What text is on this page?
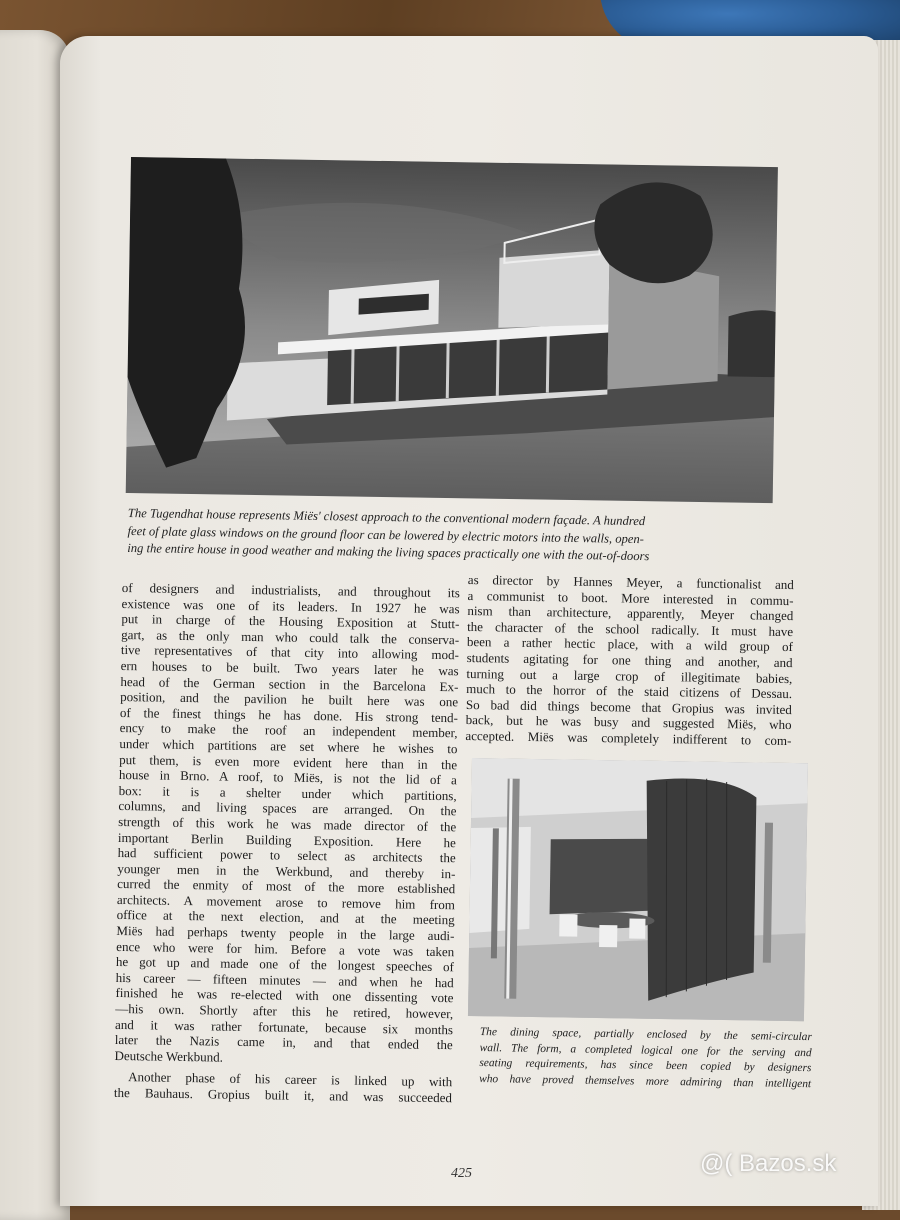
The Tugendhat house represents Miës' closest approach to the conventional modern façade. A hundred
feet of plate glass windows on the ground floor can be lowered by electric motors into the walls, open-
ing the entire house in good weather and making the living spaces practically one with the out-of-doors
of designers and industrialists, and throughout its
existence was one of its leaders. In 1927 he was
put in charge of the Housing Exposition at Stutt-
gart, as the only man who could talk the conserva-
tive representatives of that city into allowing mod-
ern houses to be built. Two years later he was
head of the German section in the Barcelona Ex-
position, and the pavilion he built here was one
of the finest things he has done. His strong tend-
ency to make the roof an independent member,
under which partitions are set where he wishes to
put them, is even more evident here than in the
house in Brno. A roof, to Miës, is not the lid of a
box: it is a shelter under which partitions,
columns, and living spaces are arranged. On the
strength of this work he was made director of the
important Berlin Building Exposition. Here he
had sufficient power to select as architects the
younger men in the Werkbund, and thereby in-
curred the enmity of most of the more established
architects. A movement arose to remove him from
office at the next election, and at the meeting
Miës had perhaps twenty people in the large audi-
ence who were for him. Before a vote was taken
he got up and made one of the longest speeches of
his career — fifteen minutes — and when he had
finished he was re-elected with one dissenting vote
—his own. Shortly after this he retired, however,
and it was rather fortunate, because six months
later the Nazis came in, and that ended the
Deutsche Werkbund.
Another phase of his career is linked up with
the Bauhaus. Gropius built it, and was succeeded
as director by Hannes Meyer, a functionalist and
a communist to boot. More interested in commu-
nism than architecture, apparently, Meyer changed
the character of the school radically. It must have
been a rather hectic place, with a wild group of
students agitating for one thing and another, and
turning out a large crop of illegitimate babies,
much to the horror of the staid citizens of Dessau.
So bad did things become that Gropius was invited
back, but he was busy and suggested Miës, who
accepted. Miës was completely indifferent to com-
The dining space, partially enclosed by the semi-circular
wall. The form, a completed logical one for the serving and
seating requirements, has since been copied by designers
who have proved themselves more admiring than intelligent
425	@( Bazos.sk
